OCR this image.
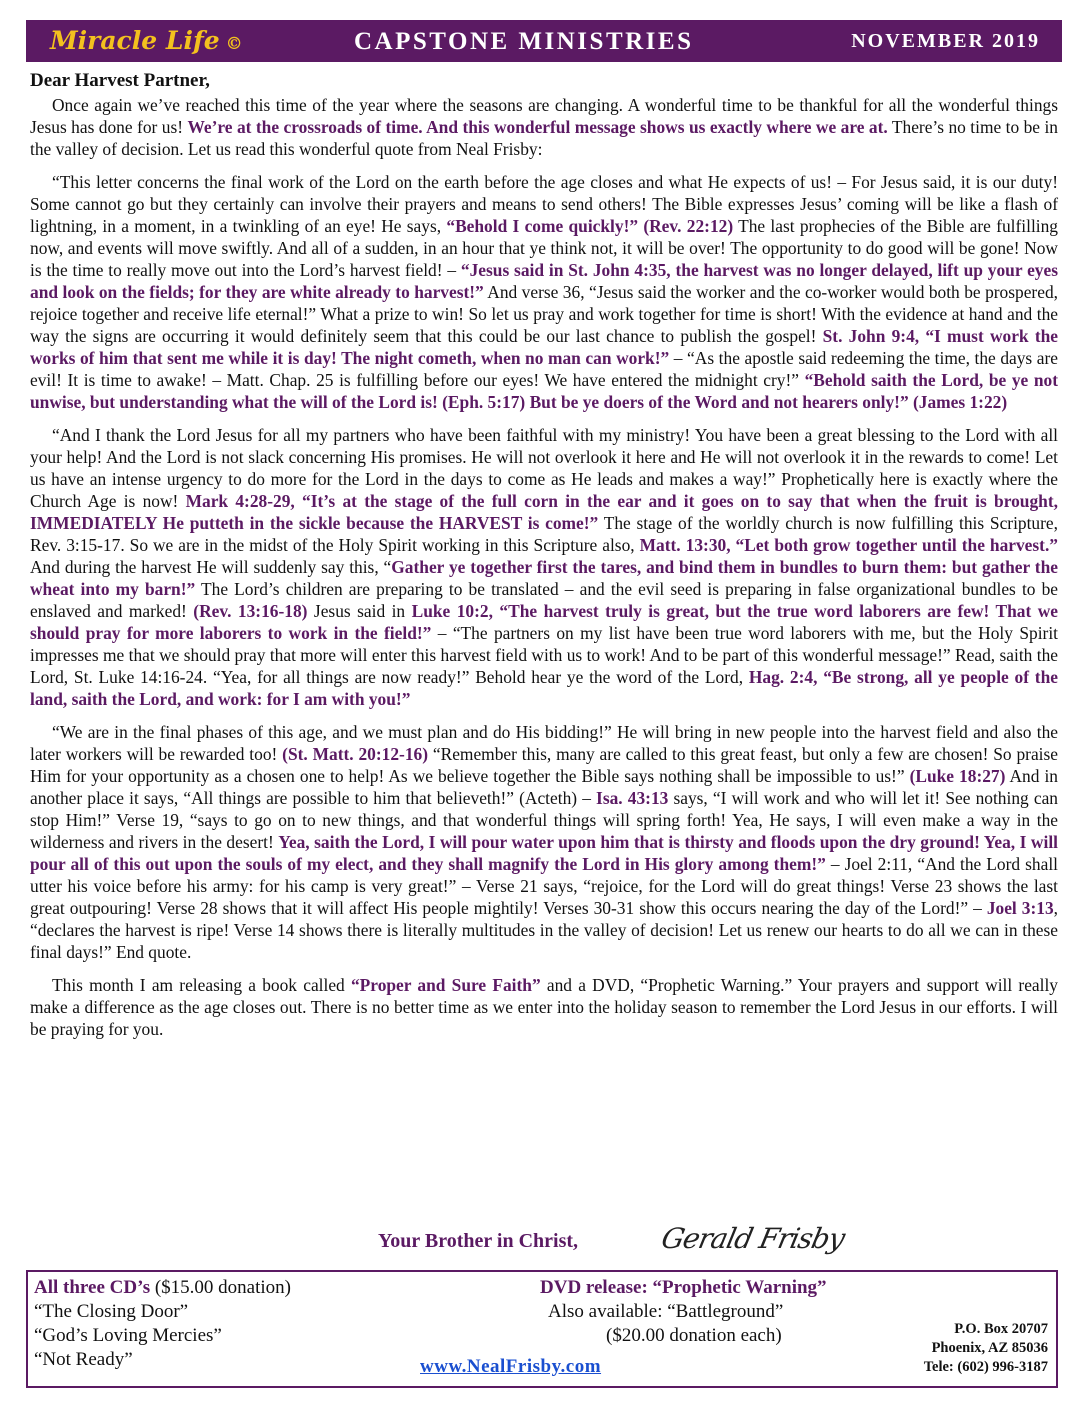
Miracle Life ©	CAPSTONE MINISTRIES	NOVEMBER 2019
Dear Harvest Partner,

Once again we’ve reached this time of the year where the seasons are changing. A wonderful time to be thankful for all the wonderful things Jesus has done for us! We’re at the crossroads of time. And this wonderful message shows us exactly where we are at. There’s no time to be in the valley of decision. Let us read this wonderful quote from Neal Frisby:

“This letter concerns the final work of the Lord on the earth before the age closes and what He expects of us! – For Jesus said, it is our duty! Some cannot go but they certainly can involve their prayers and means to send others! The Bible expresses Jesus’ coming will be like a flash of lightning, in a moment, in a twinkling of an eye! He says, “Behold I come quickly!” (Rev. 22:12) The last prophecies of the Bible are fulfilling now, and events will move swiftly. And all of a sudden, in an hour that ye think not, it will be over! The opportunity to do good will be gone! Now is the time to really move out into the Lord’s harvest field! – “Jesus said in St. John 4:35, the harvest was no longer delayed, lift up your eyes and look on the fields; for they are white already to harvest!” And verse 36, “Jesus said the worker and the co-worker would both be prospered, rejoice together and receive life eternal!” What a prize to win! So let us pray and work together for time is short! With the evidence at hand and the way the signs are occurring it would definitely seem that this could be our last chance to publish the gospel! St. John 9:4, “I must work the works of him that sent me while it is day! The night cometh, when no man can work!” – “As the apostle said redeeming the time, the days are evil! It is time to awake! – Matt. Chap. 25 is fulfilling before our eyes! We have entered the midnight cry!” “Behold saith the Lord, be ye not unwise, but understanding what the will of the Lord is! (Eph. 5:17) But be ye doers of the Word and not hearers only!” (James 1:22)

“And I thank the Lord Jesus for all my partners who have been faithful with my ministry! You have been a great blessing to the Lord with all your help! And the Lord is not slack concerning His promises. He will not overlook it here and He will not overlook it in the rewards to come! Let us have an intense urgency to do more for the Lord in the days to come as He leads and makes a way!” Prophetically here is exactly where the Church Age is now! Mark 4:28-29, “It’s at the stage of the full corn in the ear and it goes on to say that when the fruit is brought, IMMEDIATELY He putteth in the sickle because the HARVEST is come!” The stage of the worldly church is now fulfilling this Scripture, Rev. 3:15-17. So we are in the midst of the Holy Spirit working in this Scripture also, Matt. 13:30, “Let both grow together until the harvest.” And during the harvest He will suddenly say this, “Gather ye together first the tares, and bind them in bundles to burn them: but gather the wheat into my barn!” The Lord’s children are preparing to be translated – and the evil seed is preparing in false organizational bundles to be enslaved and marked! (Rev. 13:16-18) Jesus said in Luke 10:2, “The harvest truly is great, but the true word laborers are few! That we should pray for more laborers to work in the field!” – “The partners on my list have been true word laborers with me, but the Holy Spirit impresses me that we should pray that more will enter this harvest field with us to work! And to be part of this wonderful message!” Read, saith the Lord, St. Luke 14:16-24. “Yea, for all things are now ready!” Behold hear ye the word of the Lord, Hag. 2:4, “Be strong, all ye people of the land, saith the Lord, and work: for I am with you!”

“We are in the final phases of this age, and we must plan and do His bidding!” He will bring in new people into the harvest field and also the later workers will be rewarded too! (St. Matt. 20:12-16) “Remember this, many are called to this great feast, but only a few are chosen! So praise Him for your opportunity as a chosen one to help! As we believe together the Bible says nothing shall be impossible to us!” (Luke 18:27) And in another place it says, “All things are possible to him that believeth!” (Acteth) – Isa. 43:13 says, “I will work and who will let it! See nothing can stop Him!” Verse 19, “says to go on to new things, and that wonderful things will spring forth! Yea, He says, I will even make a way in the wilderness and rivers in the desert! Yea, saith the Lord, I will pour water upon him that is thirsty and floods upon the dry ground! Yea, I will pour all of this out upon the souls of my elect, and they shall magnify the Lord in His glory among them!” – Joel 2:11, “And the Lord shall utter his voice before his army: for his camp is very great!” – Verse 21 says, “rejoice, for the Lord will do great things! Verse 23 shows the last great outpouring! Verse 28 shows that it will affect His people mightily! Verses 30-31 show this occurs nearing the day of the Lord!” – Joel 3:13, “declares the harvest is ripe! Verse 14 shows there is literally multitudes in the valley of decision! Let us renew our hearts to do all we can in these final days!” End quote.

This month I am releasing a book called “Proper and Sure Faith” and a DVD, “Prophetic Warning.” Your prayers and support will really make a difference as the age closes out. There is no better time as we enter into the holiday season to remember the Lord Jesus in our efforts. I will be praying for you.

Your Brother in Christ,	Gerald Frisby
All three CD’s ($15.00 donation)
“The Closing Door”
“God’s Loving Mercies”
“Not Ready”
DVD release: “Prophetic Warning”
Also available: “Battleground”
($20.00 donation each)
www.NealFrisby.com
P.O. Box 20707
Phoenix, AZ 85036
Tele: (602) 996-3187
